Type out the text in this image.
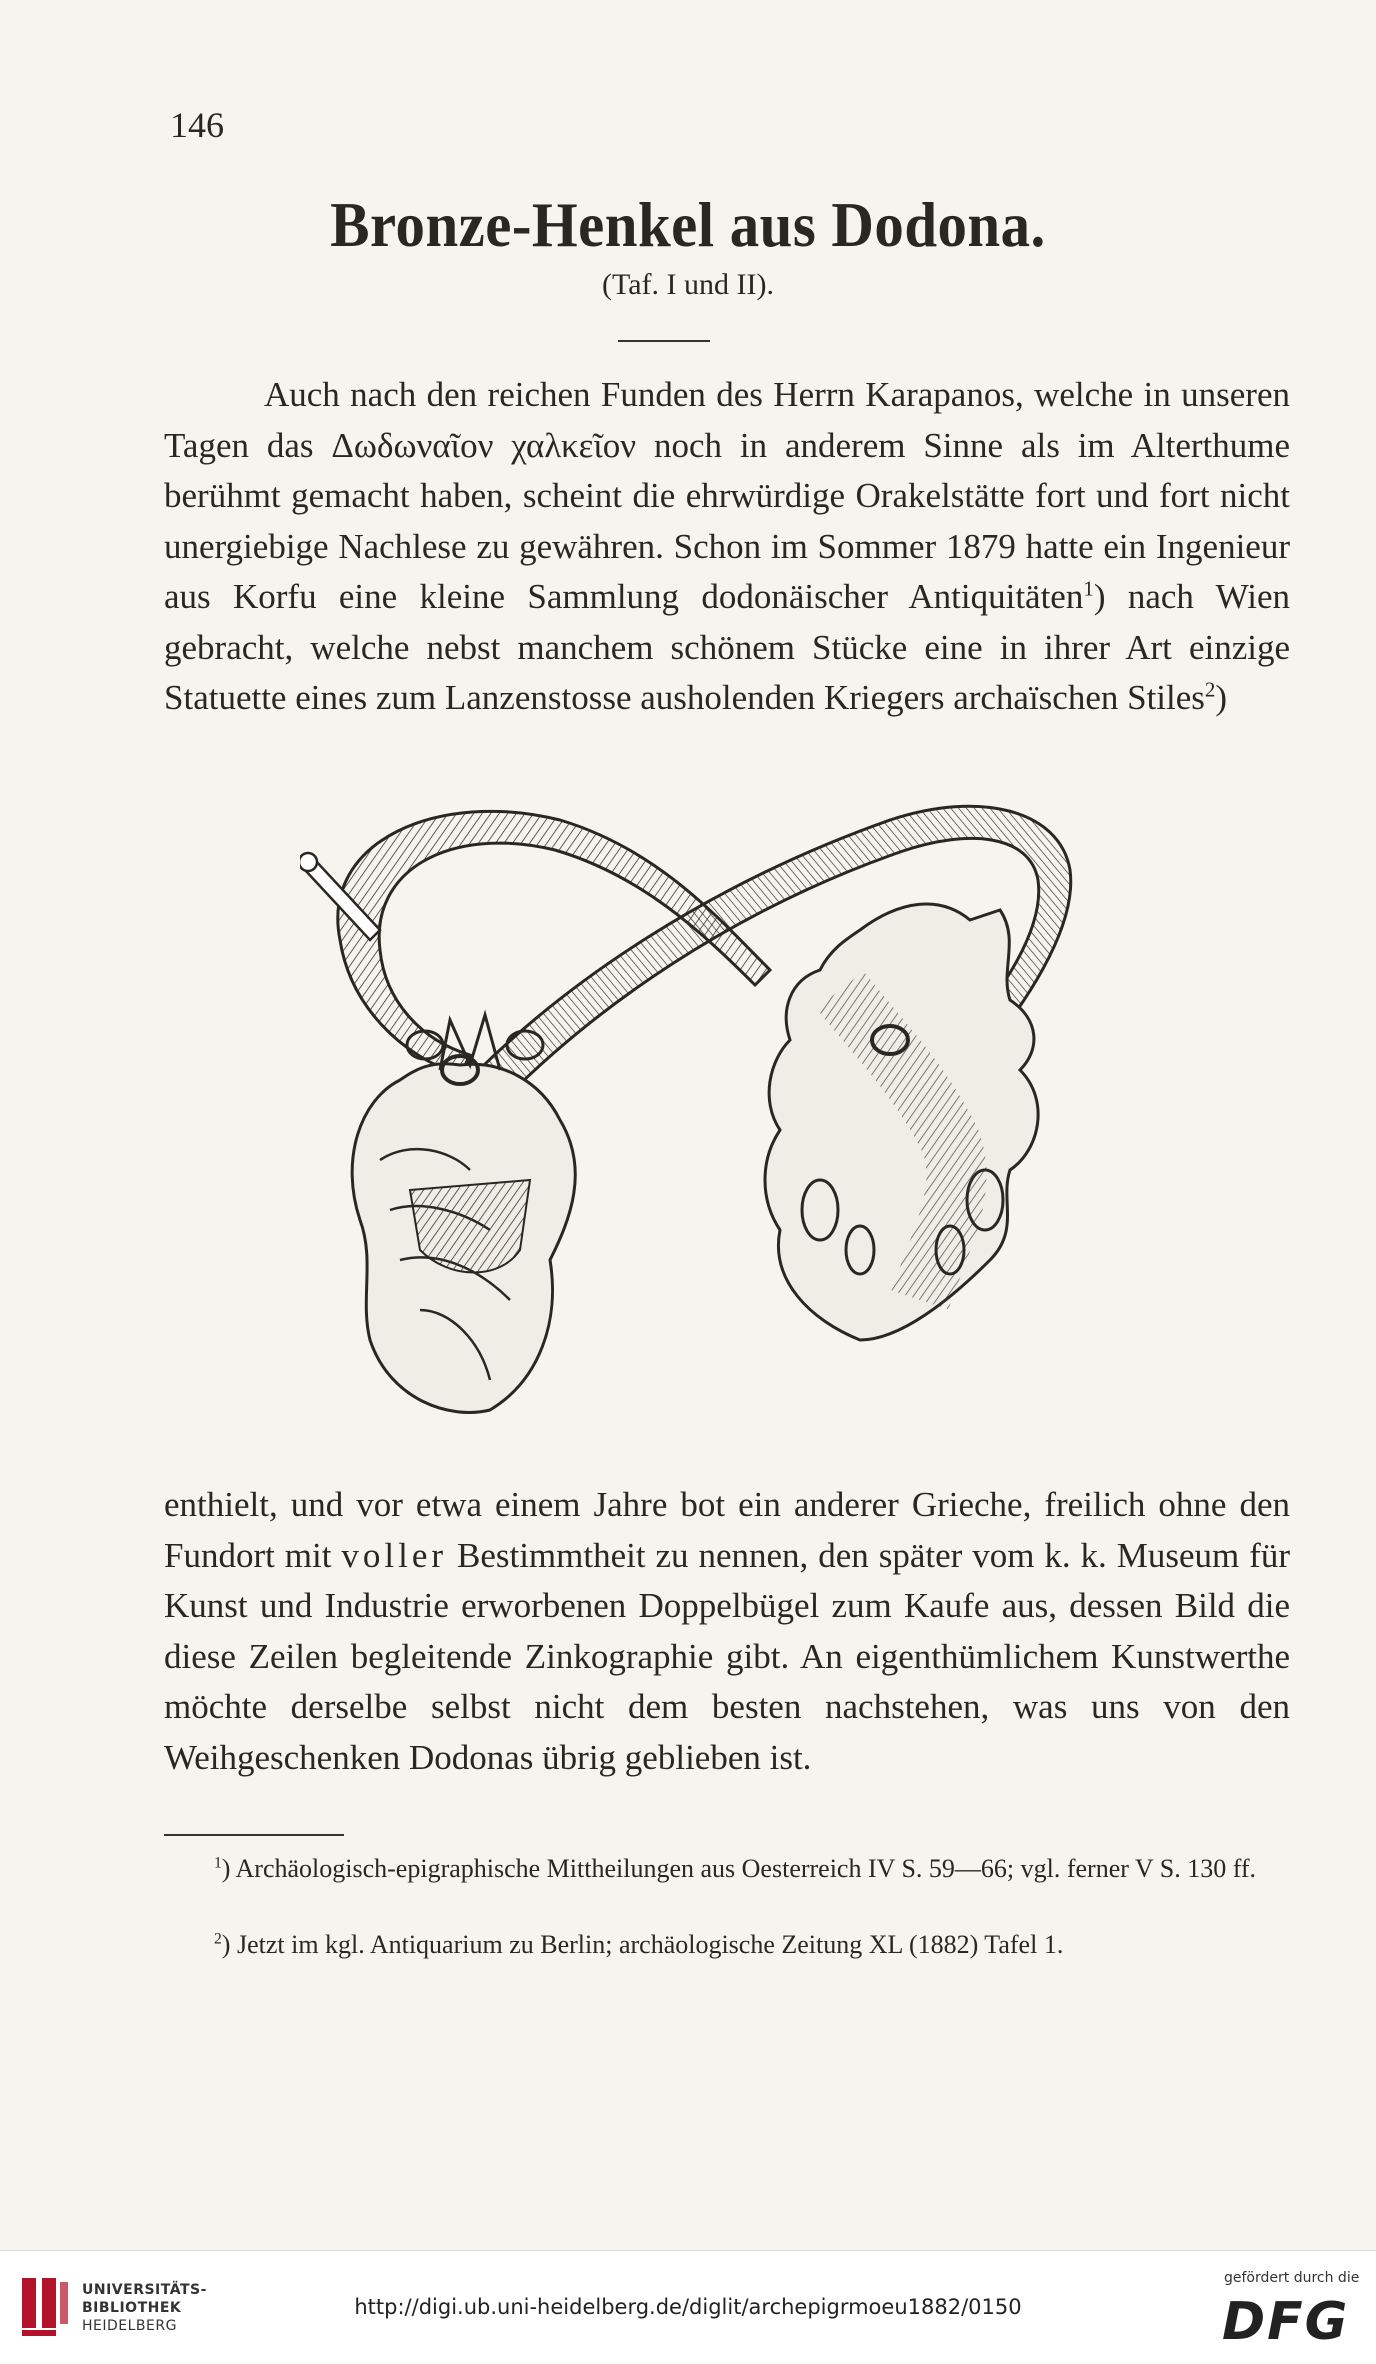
146
Bronze-Henkel aus Dodona.
(Taf. I und II).
Auch nach den reichen Funden des Herrn Karapanos, welche in unseren Tagen das Δωδωναῖον χαλκεῖον noch in anderem Sinne als im Alterthume berühmt gemacht haben, scheint die ehrwürdige Orakelstätte fort und fort nicht unergiebige Nachlese zu gewähren. Schon im Sommer 1879 hatte ein Ingenieur aus Korfu eine kleine Sammlung dodonäischer Antiquitäten$^1$) nach Wien gebracht, welche nebst manchem schönem Stücke eine in ihrer Art einzige Statuette eines zum Lanzenstosse ausholenden Kriegers archaïschen Stiles$^2$)
enthielt, und vor etwa einem Jahre bot ein anderer Grieche, freilich ohne den Fundort mit voller Bestimmtheit zu nennen, den später vom k. k. Museum für Kunst und Industrie erworbenen Doppelbügel zum Kaufe aus, dessen Bild die diese Zeilen begleitende Zinkographie gibt. An eigenthümlichem Kunstwerthe möchte derselbe selbst nicht dem besten nachstehen, was uns von den Weihgeschenken Dodonas übrig geblieben ist.
$^1$) Archäologisch-epigraphische Mittheilungen aus Oesterreich IV S. 59—66; vgl. ferner V S. 130 ff.
$^2$) Jetzt im kgl. Antiquarium zu Berlin; archäologische Zeitung XL (1882) Tafel 1.
UNIVERSITÄTS-
BIBLIOTHEK
HEIDELBERG
http://digi.ub.uni-heidelberg.de/diglit/archepigrmoeu1882/0150
gefördert durch die
DFG
